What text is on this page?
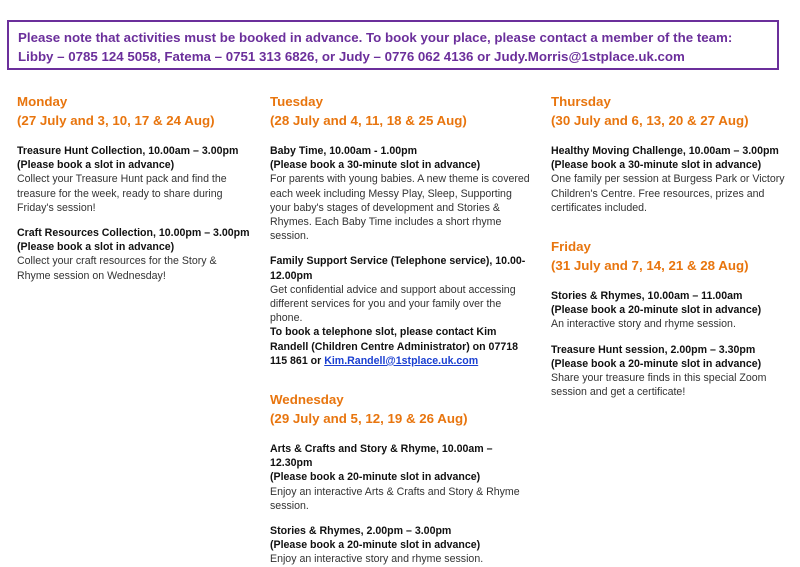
Please note that activities must be booked in advance. To book your place, please contact a member of the team:
Libby – 0785 124 5058, Fatema – 0751 313 6826, or Judy – 0776 062 4136 or Judy.Morris@1stplace.uk.com
Monday
(27 July and 3, 10, 17 & 24 Aug)
Treasure Hunt Collection, 10.00am – 3.00pm
(Please book a slot in advance)
Collect your Treasure Hunt pack and find the treasure for the week, ready to share during Friday's session!
Craft Resources Collection, 10.00pm – 3.00pm
(Please book a slot in advance)
Collect your craft resources for the Story & Rhyme session on Wednesday!
Tuesday
(28 July and 4, 11, 18 & 25 Aug)
Baby Time, 10.00am - 1.00pm
(Please book a 30-minute slot in advance)
For parents with young babies. A new theme is covered each week including Messy Play, Sleep, Supporting your baby's stages of development and Stories & Rhymes. Each Baby Time includes a short rhyme session.
Family Support Service (Telephone service), 10.00-12.00pm
Get confidential advice and support about accessing different services for you and your family over the phone.
To book a telephone slot, please contact Kim Randell (Children Centre Administrator) on 07718 115 861 or Kim.Randell@1stplace.uk.com
Wednesday
(29 July and 5, 12, 19 & 26 Aug)
Arts & Crafts and Story & Rhyme, 10.00am – 12.30pm
(Please book a 20-minute slot in advance)
Enjoy an interactive Arts & Crafts and Story & Rhyme session.
Stories & Rhymes, 2.00pm – 3.00pm
(Please book a 20-minute slot in advance)
Enjoy an interactive story and rhyme session.
Thursday
(30 July and 6, 13, 20 & 27 Aug)
Healthy Moving Challenge, 10.00am – 3.00pm
(Please book a 30-minute slot in advance)
One family per session at Burgess Park or Victory Children's Centre. Free resources, prizes and certificates included.
Friday
(31 July and 7, 14, 21 & 28 Aug)
Stories & Rhymes, 10.00am – 11.00am
(Please book a 20-minute slot in advance)
An interactive story and rhyme session.
Treasure Hunt session, 2.00pm – 3.30pm
(Please book a 20-minute slot in advance)
Share your treasure finds in this special Zoom session and get a certificate!
